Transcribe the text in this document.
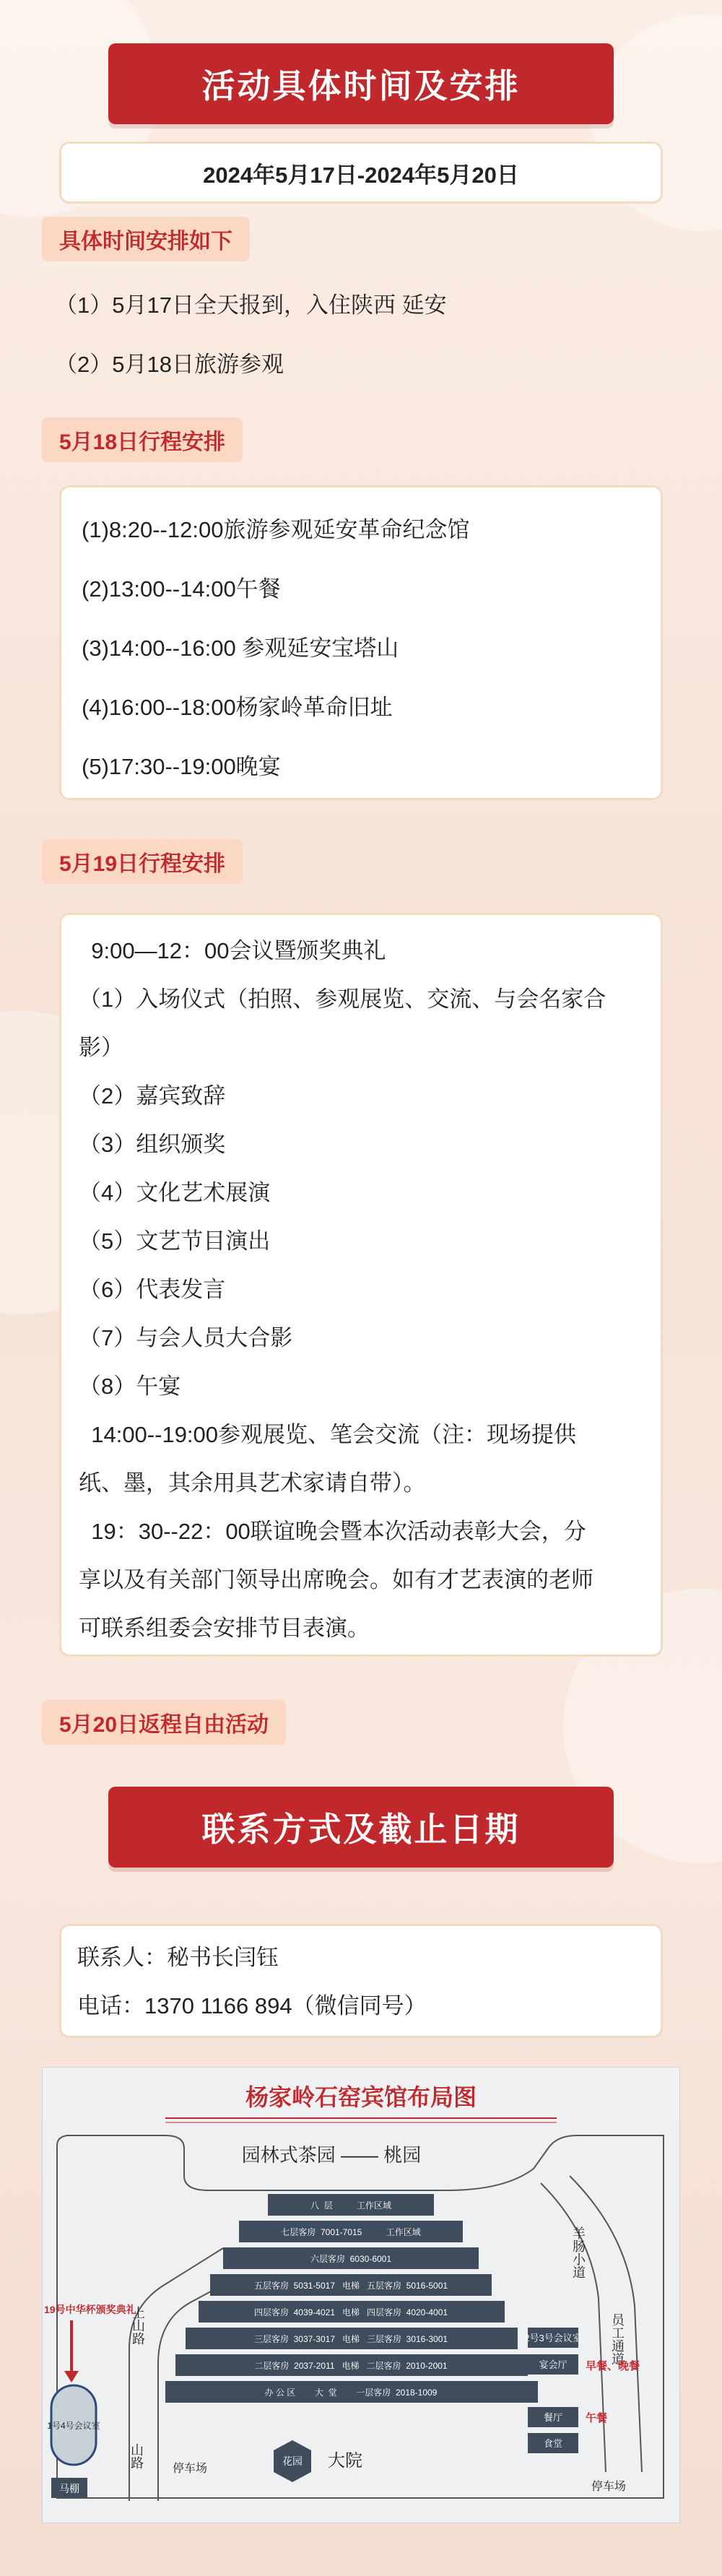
活动具体时间及安排
2024年5月17日-2024年5月20日
具体时间安排如下
（1）5月17日全天报到，入住陕西 延安
（2）5月18日旅游参观
5月18日行程安排
(1)8:20--12:00旅游参观延安革命纪念馆
(2)13:00--14:00午餐
(3)14:00--16:00 参观延安宝塔山
(4)16:00--18:00杨家岭革命旧址
(5)17:30--19:00晚宴
5月19日行程安排
9:00—12：00会议暨颁奖典礼
（1）入场仪式（拍照、参观展览、交流、与会名家合
影）
（2）嘉宾致辞
（3）组织颁奖
（4）文化艺术展演
（5）文艺节目演出
（6）代表发言
（7）与会人员大合影
（8）午宴
14:00--19:00参观展览、笔会交流（注：现场提供
纸、墨，其余用具艺术家请自带）。
19：30--22：00联谊晚会暨本次活动表彰大会，分
享以及有关部门领导出席晚会。如有才艺表演的老师
可联系组委会安排节目表演。
5月20日返程自由活动
联系方式及截止日期
联系人：秘书长闫钰
电话：1370 1166 894（微信同号）
杨家岭石窑宾馆布局图
园林式茶园 —— 桃园
上山路
山路
羊肠小道
员工通道
八  层          工作区域
七层客房  7001-7015          工作区域
六层客房  6030-6001
五层客房  5031-5017   电梯   五层客房  5016-5001
四层客房  4039-4021   电梯   四层客房  4020-4001
三层客房  3037-3017   电梯   三层客房  3016-3001
二层客房  2037-2011   电梯   二层客房  2010-2001
办 公 区        大  堂        一层客房  2018-1009
2号3号会议室
宴会厅
餐厅
食堂
早餐、晚餐
午餐
19号中华杯颁奖典礼
1号4号会议室
马棚
停车场
花园 大院
停车场
